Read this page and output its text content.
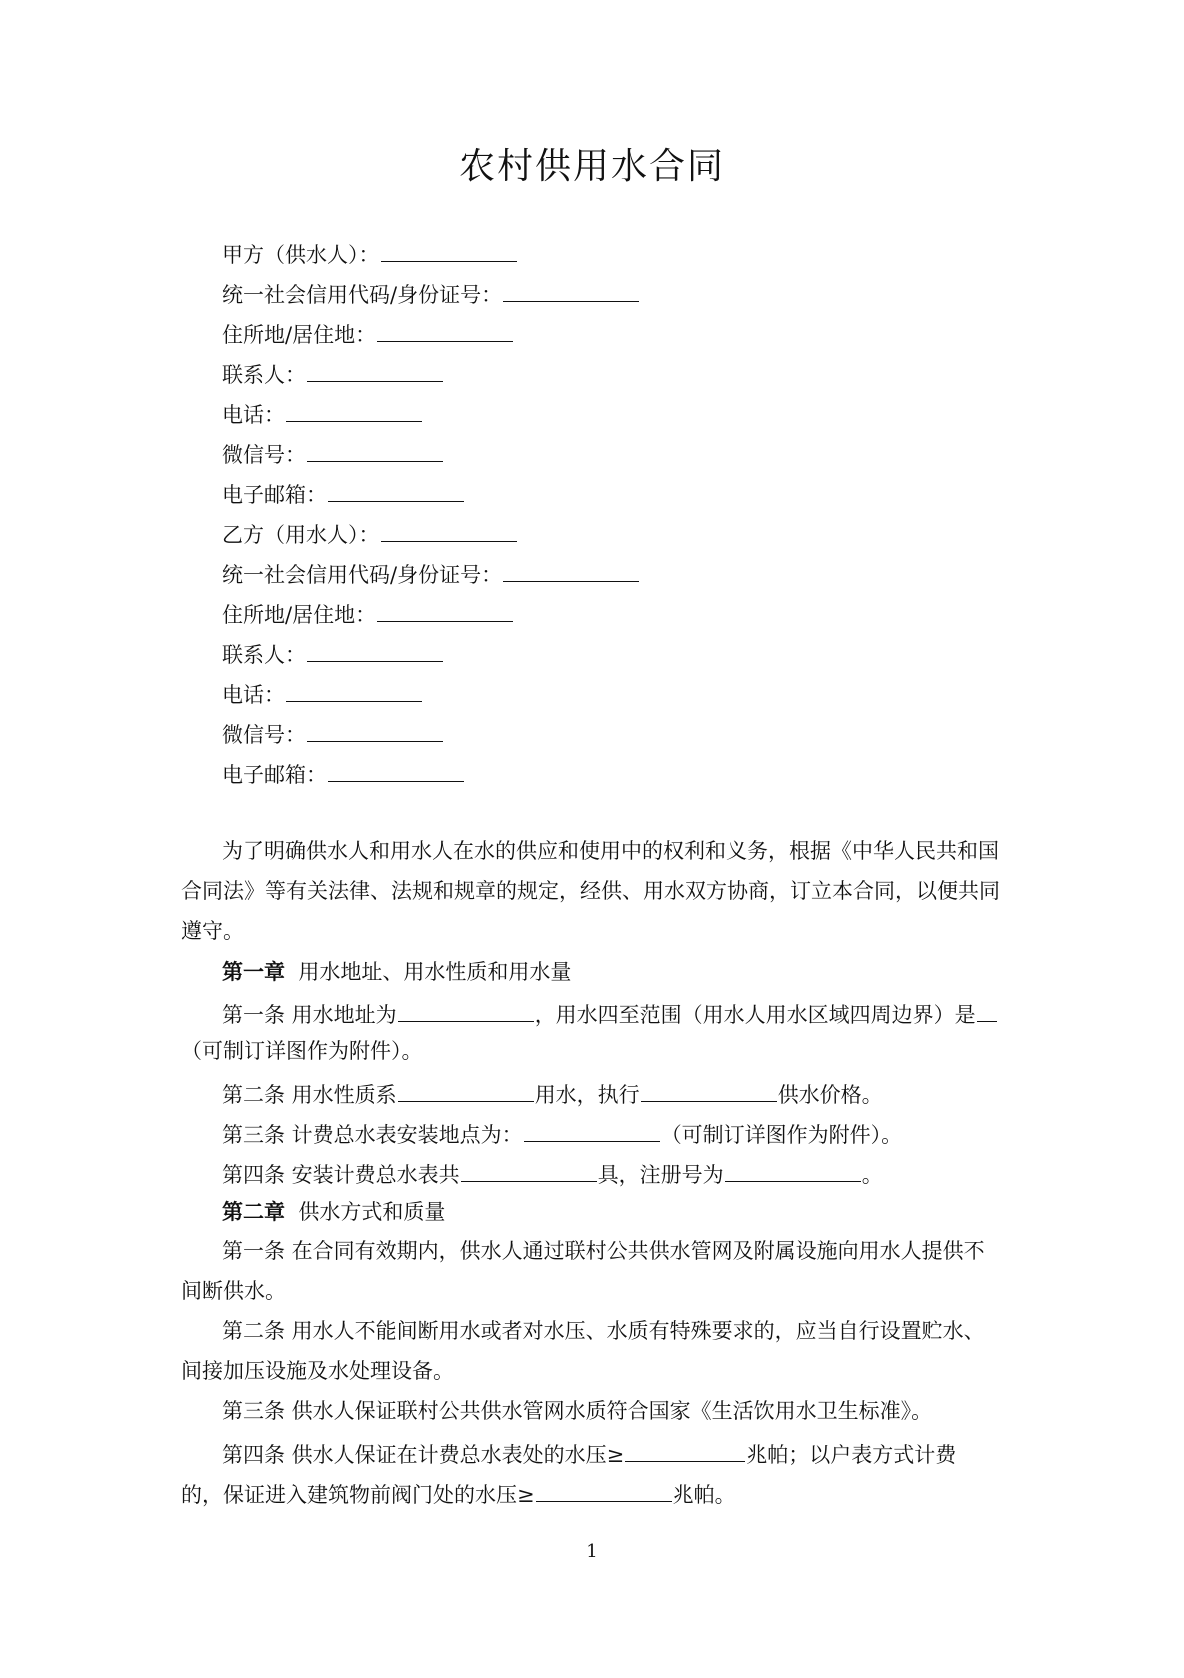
农村供用水合同
甲方（供水人）：
统一社会信用代码/身份证号：
住所地/居住地：
联系人：
电话：
微信号：
电子邮箱：
乙方（用水人）：
统一社会信用代码/身份证号：
住所地/居住地：
联系人：
电话：
微信号：
电子邮箱：
为了明确供水人和用水人在水的供应和使用中的权利和义务，根据《中华人民共和国
合同法》等有关法律、法规和规章的规定，经供、用水双方协商，订立本合同，以便共同
遵守。
第一章 用水地址、用水性质和用水量
第一条 用水地址为	，用水四至范围（用水人用水区域四周边界）是
（可制订详图作为附件）。
第二条 用水性质系	用水，执行	供水价格。
第三条 计费总水表安装地点为：	（可制订详图作为附件）。
第四条 安装计费总水表共	具，注册号为	。
第二章 供水方式和质量
第一条 在合同有效期内，供水人通过联村公共供水管网及附属设施向用水人提供不
间断供水。
第二条 用水人不能间断用水或者对水压、水质有特殊要求的，应当自行设置贮水、
间接加压设施及水处理设备。
第三条 供水人保证联村公共供水管网水质符合国家《生活饮用水卫生标准》。
第四条 供水人保证在计费总水表处的水压≥	兆帕；以户表方式计费
的，保证进入建筑物前阀门处的水压≥	兆帕。
1
